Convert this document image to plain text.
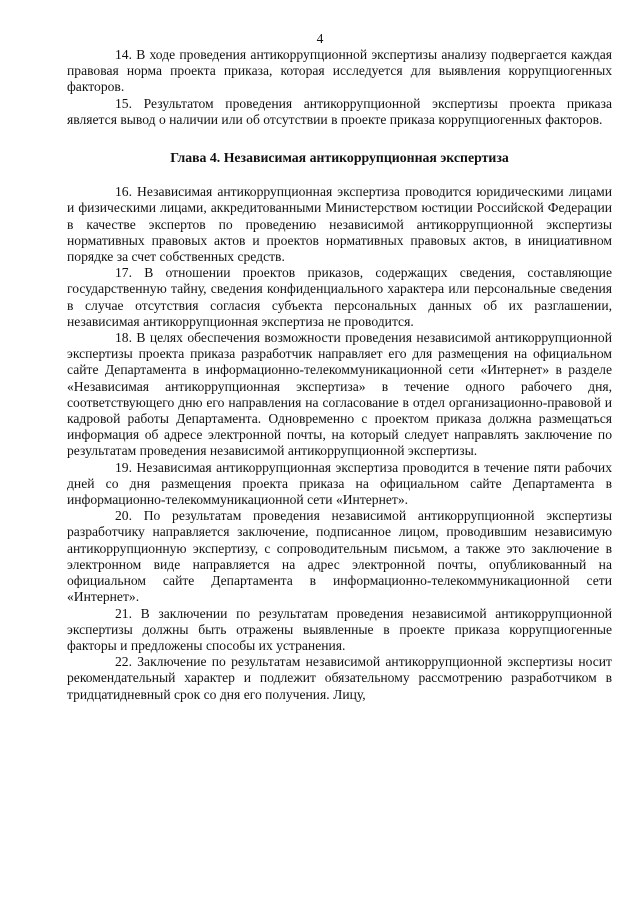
4

14. В ходе проведения антикоррупционной экспертизы анализу подвергается каждая правовая норма проекта приказа, которая исследуется для выявления коррупциогенных факторов.

15. Результатом проведения антикоррупционной экспертизы проекта приказа является вывод о наличии или об отсутствии в проекте приказа коррупциогенных факторов.

Глава 4. Независимая антикоррупционная экспертиза

16. Независимая антикоррупционная экспертиза проводится юридическими лицами и физическими лицами, аккредитованными Министерством юстиции Российской Федерации в качестве экспертов по проведению независимой антикоррупционной экспертизы нормативных правовых актов и проектов нормативных правовых актов, в инициативном порядке за счет собственных средств.

17. В отношении проектов приказов, содержащих сведения, составляющие государственную тайну, сведения конфиденциального характера или персональные сведения в случае отсутствия согласия субъекта персональных данных об их разглашении, независимая антикоррупционная экспертиза не проводится.

18. В целях обеспечения возможности проведения независимой антикоррупционной экспертизы проекта приказа разработчик направляет его для размещения на официальном сайте Департамента в информационно-телекоммуникационной сети «Интернет» в разделе «Независимая антикоррупционная экспертиза» в течение одного рабочего дня, соответствующего дню его направления на согласование в отдел организационно-правовой и кадровой работы Департамента. Одновременно с проектом приказа должна размещаться информация об адресе электронной почты, на который следует направлять заключение по результатам проведения независимой антикоррупционной экспертизы.

19. Независимая антикоррупционная экспертиза проводится в течение пяти рабочих дней со дня размещения проекта приказа на официальном сайте Департамента в информационно-телекоммуникационной сети «Интернет».

20. По результатам проведения независимой антикоррупционной экспертизы разработчику направляется заключение, подписанное лицом, проводившим независимую антикоррупционную экспертизу, с сопроводительным письмом, а также это заключение в электронном виде направляется на адрес электронной почты, опубликованный на официальном сайте Департамента в информационно-телекоммуникационной сети «Интернет».

21. В заключении по результатам проведения независимой антикоррупционной экспертизы должны быть отражены выявленные в проекте приказа коррупциогенные факторы и предложены способы их устранения.

22. Заключение по результатам независимой антикоррупционной экспертизы носит рекомендательный характер и подлежит обязательному рассмотрению разработчиком в тридцатидневный срок со дня его получения. Лицу,
